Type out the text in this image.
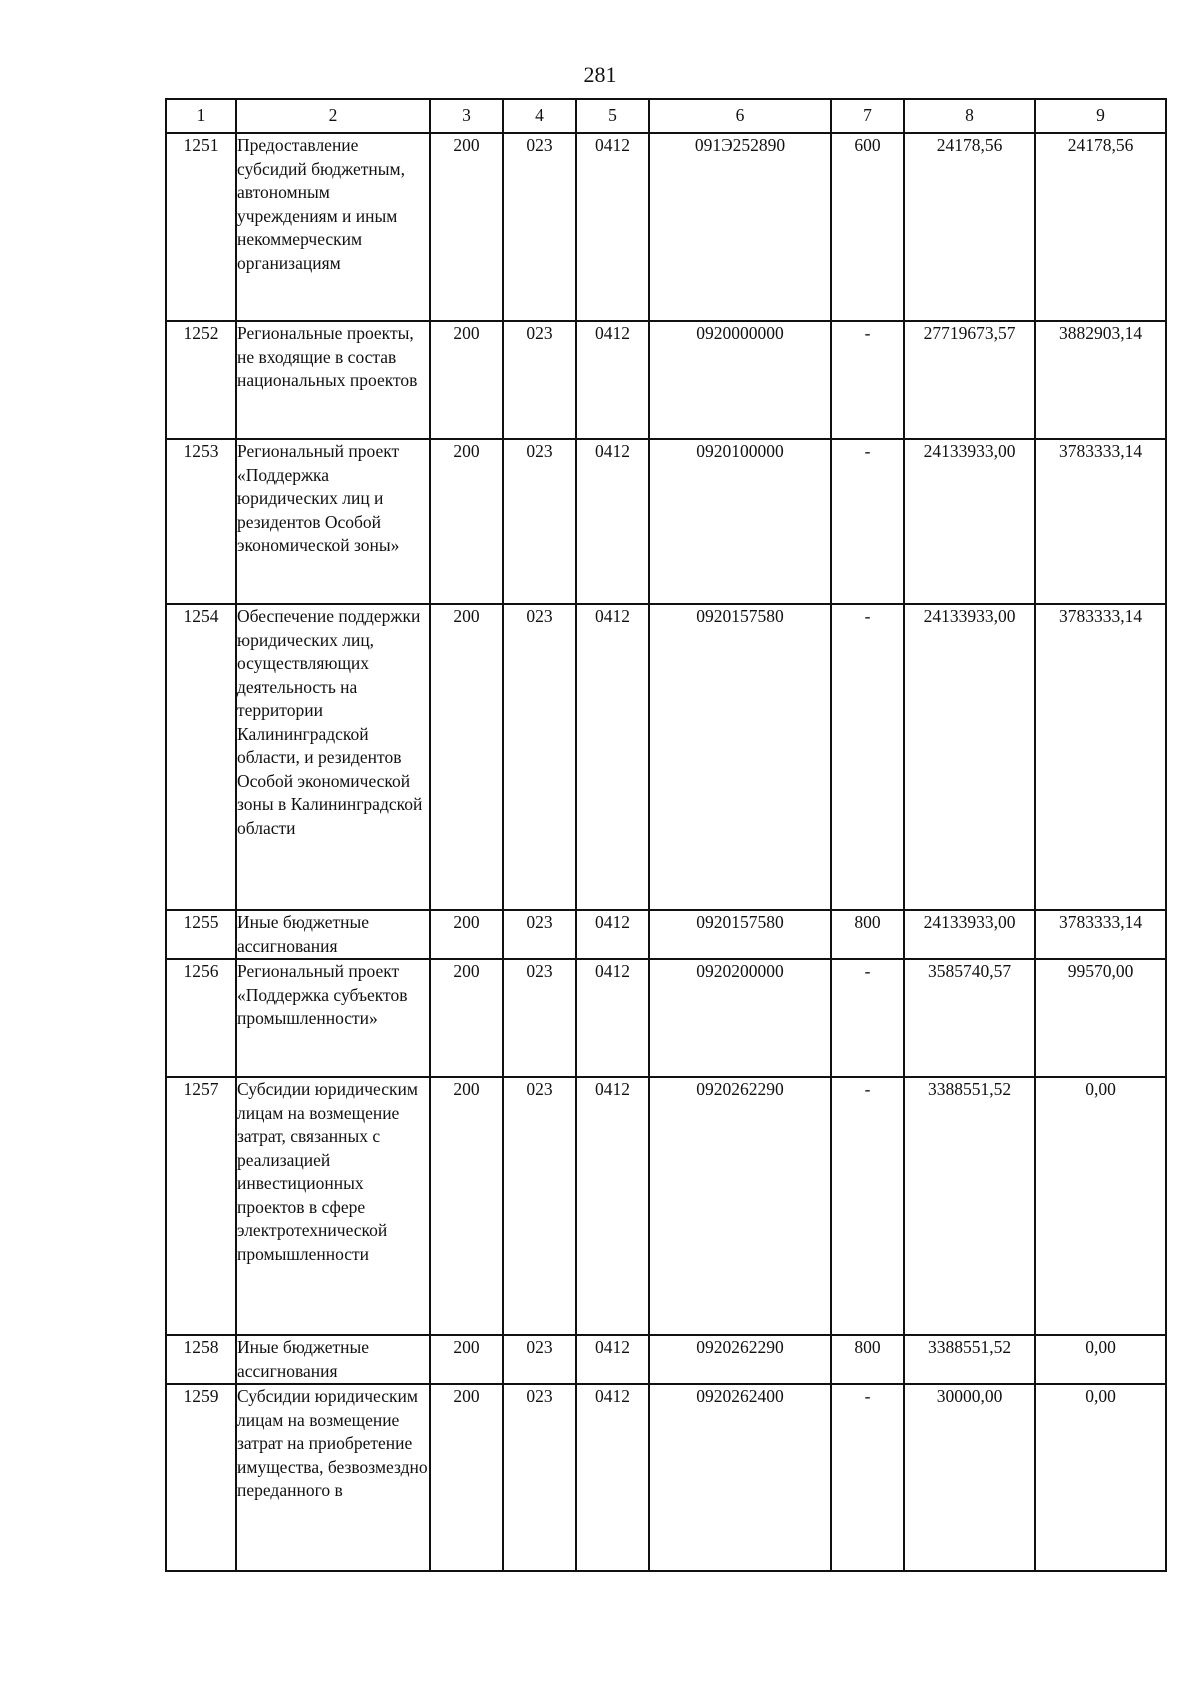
281
1	2	3	4	5	6	7	8	9
1251	Предоставление субсидий бюджетным, автономным учреждениям и иным некоммерческим организациям	200	023	0412	091Э252890	600	24178,56	24178,56
1252	Региональные проекты, не входящие в состав национальных проектов	200	023	0412	0920000000	-	27719673,57	3882903,14
1253	Региональный проект «Поддержка юридических лиц и резидентов Особой экономической зоны»	200	023	0412	0920100000	-	24133933,00	3783333,14
1254	Обеспечение поддержки юридических лиц, осуществляющих деятельность на территории Калининградской области, и резидентов Особой экономической зоны в Калининградской области	200	023	0412	0920157580	-	24133933,00	3783333,14
1255	Иные бюджетные ассигнования	200	023	0412	0920157580	800	24133933,00	3783333,14
1256	Региональный проект «Поддержка субъектов промышленности»	200	023	0412	0920200000	-	3585740,57	99570,00
1257	Субсидии юридическим лицам на возмещение затрат, связанных с реализацией инвестиционных проектов в сфере электротехнической промышленности	200	023	0412	0920262290	-	3388551,52	0,00
1258	Иные бюджетные ассигнования	200	023	0412	0920262290	800	3388551,52	0,00
1259	Субсидии юридическим лицам на возмещение затрат на приобретение имущества, безвозмездно переданного в	200	023	0412	0920262400	-	30000,00	0,00
